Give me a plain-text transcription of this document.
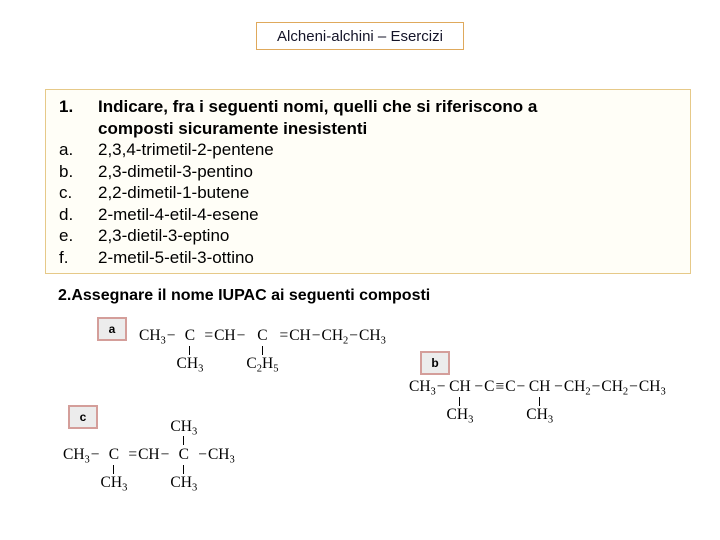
Alcheni-alchini – Esercizi
1.	Indicare, fra i seguenti nomi, quelli che si riferiscono a
composti sicuramente inesistenti
a.	2,3,4-trimetil-2-pentene
b.	2,3-dimetil-3-pentino
c.	2,2-dimetil-1-butene
d.	2-metil-4-etil-4-esene
e.	2,3-dietil-3-eptino
f.	2-metil-5-etil-3-ottino
2. Assegnare il nome IUPAC ai seguenti composti
a	$CH_3 - C$
$CH_3$
= CH − C
$C_2H_5$
= CH − $CH_2 - CH_3$
b
$CH_3$ − CH
$CH_3$
− C ≡ C − CH
$CH_3$
− $CH_2 - CH_2 - CH_3$
c
$CH_3 - C$
$CH_3$
= CH −
$CH_3$
C
$CH_3$
− $CH_3$
